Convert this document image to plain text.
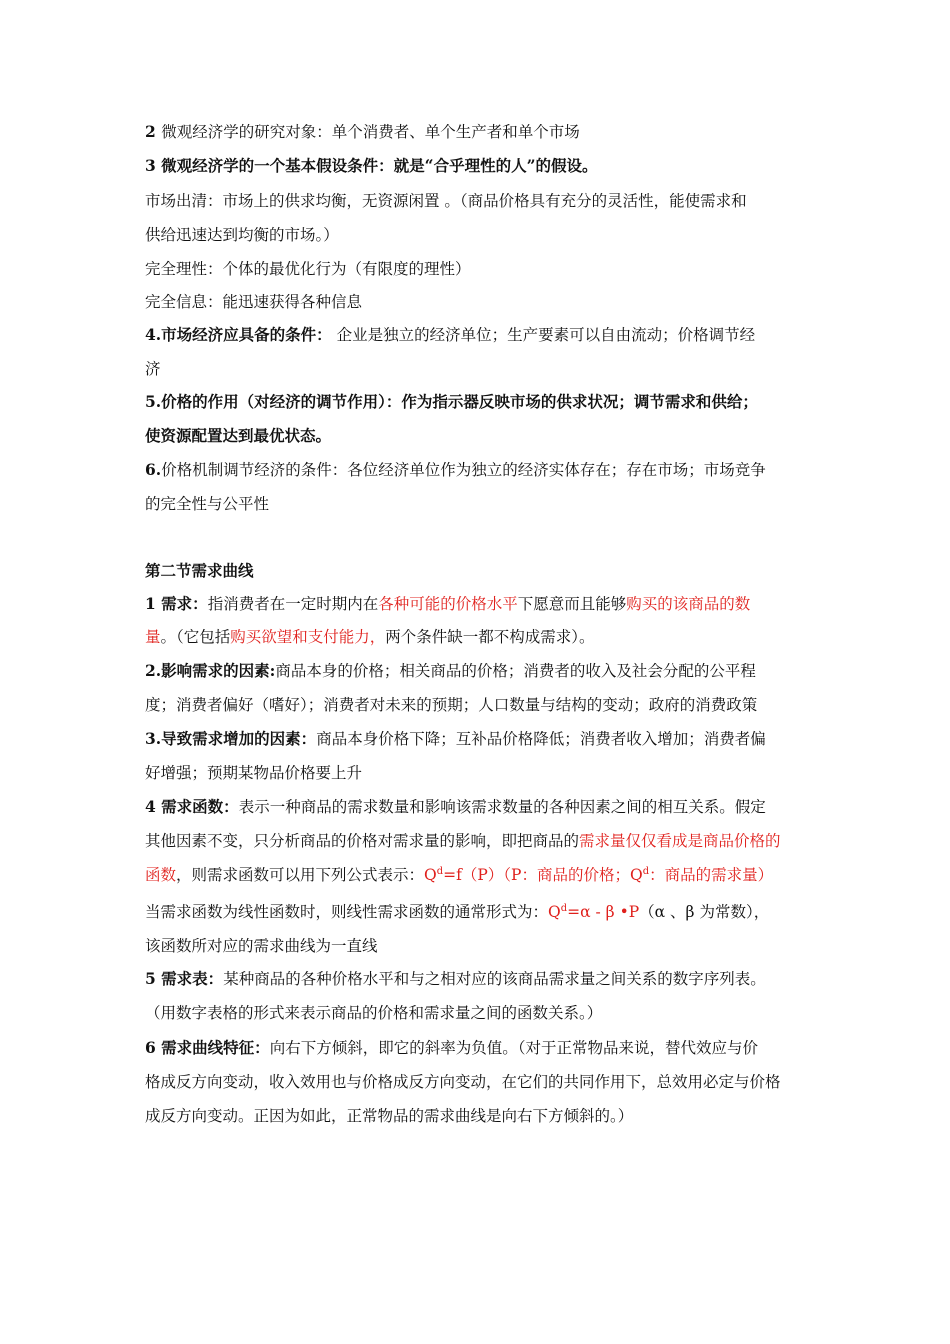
2 微观经济学的研究对象：单个消费者、单个生产者和单个市场
3 微观经济学的一个基本假设条件：就是“合乎理性的人”的假设。
市场出清：市场上的供求均衡，无资源闲置 。（商品价格具有充分的灵活性，能使需求和
供给迅速达到均衡的市场。）
完全理性：个体的最优化行为（有限度的理性）
完全信息：能迅速获得各种信息
4.市场经济应具备的条件： 企业是独立的经济单位；生产要素可以自由流动；价格调节经
济
5.价格的作用（对经济的调节作用）：作为指示器反映市场的供求状况；调节需求和供给；
使资源配置达到最优状态。
6.价格机制调节经济的条件：各位经济单位作为独立的经济实体存在；存在市场；市场竞争
的完全性与公平性
第二节需求曲线
1 需求：指消费者在一定时期内在各种可能的价格水平下愿意而且能够购买的该商品的数
量。（它包括购买欲望和支付能力，两个条件缺一都不构成需求）。
2.影响需求的因素:商品本身的价格；相关商品的价格；消费者的收入及社会分配的公平程
度；消费者偏好（嗜好）；消费者对未来的预期；人口数量与结构的变动；政府的消费政策
3.导致需求增加的因素：商品本身价格下降；互补品价格降低；消费者收入增加；消费者偏
好增强；预期某物品价格要上升
4 需求函数：表示一种商品的需求数量和影响该需求数量的各种因素之间的相互关系。假定
其他因素不变，只分析商品的价格对需求量的影响，即把商品的需求量仅仅看成是商品价格的
函数，则需求函数可以用下列公式表示：$Q^d=f(P)(P$：商品的价格；$Q^d$：商品的需求量）
当需求函数为线性函数时，则线性需求函数的通常形式为：$Q^d=\alpha - \beta$ •P（α 、β 为常数），
该函数所对应的需求曲线为一直线
5 需求表：某种商品的各种价格水平和与之相对应的该商品需求量之间关系的数字序列表。
（用数字表格的形式来表示商品的价格和需求量之间的函数关系。）
6 需求曲线特征：向右下方倾斜，即它的斜率为负值。（对于正常物品来说，替代效应与价
格成反方向变动，收入效用也与价格成反方向变动，在它们的共同作用下，总效用必定与价格
成反方向变动。正因为如此，正常物品的需求曲线是向右下方倾斜的。）
